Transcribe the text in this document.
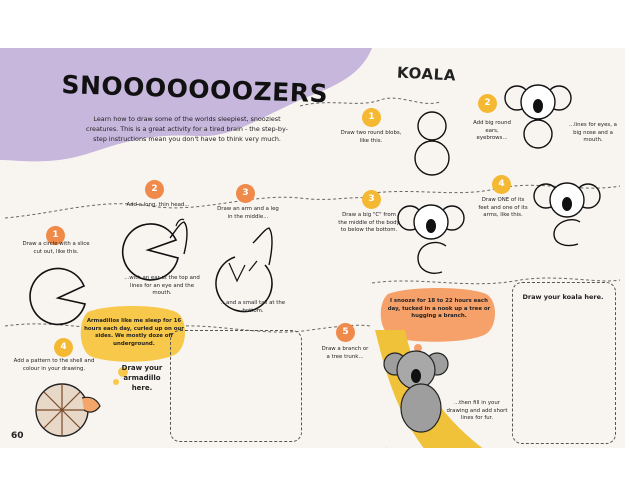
SNOOOOOOOZERS
Learn how to draw some of the worlds sleepiest, snooziest creatures. This is a great activity for a tired brain - the step-by-step instructions mean you don't have to think very much.
1
Draw a circle with a slice cut out, like this.
2
Add a long, thin head...
...with an ear at the top and lines for an eye and the mouth.
3
Draw an arm and a leg in the middle...
...and a small tail at the bottom.
Armadillos like me sleep for 16 hours each day, curled up on our sides. We mostly doze off underground.
4
Add a pattern to the shell and colour in your drawing.	Draw your armadillo here.
60
KOALA
1
Draw two round blobs, like this.
2
Add big round ears, eyebrows...
...lines for eyes, a big nose and a mouth.
3
Draw a big "C" from the middle of the body to below the bottom.
4
Draw ONE of its feet and one of its arms, like this.
I snooze for 18 to 22 hours each day, tucked in a nook up a tree or hugging a branch.
5
Draw a branch or a tree trunk...
...then fill in your drawing and add short lines for fur.
Draw your koala here.
